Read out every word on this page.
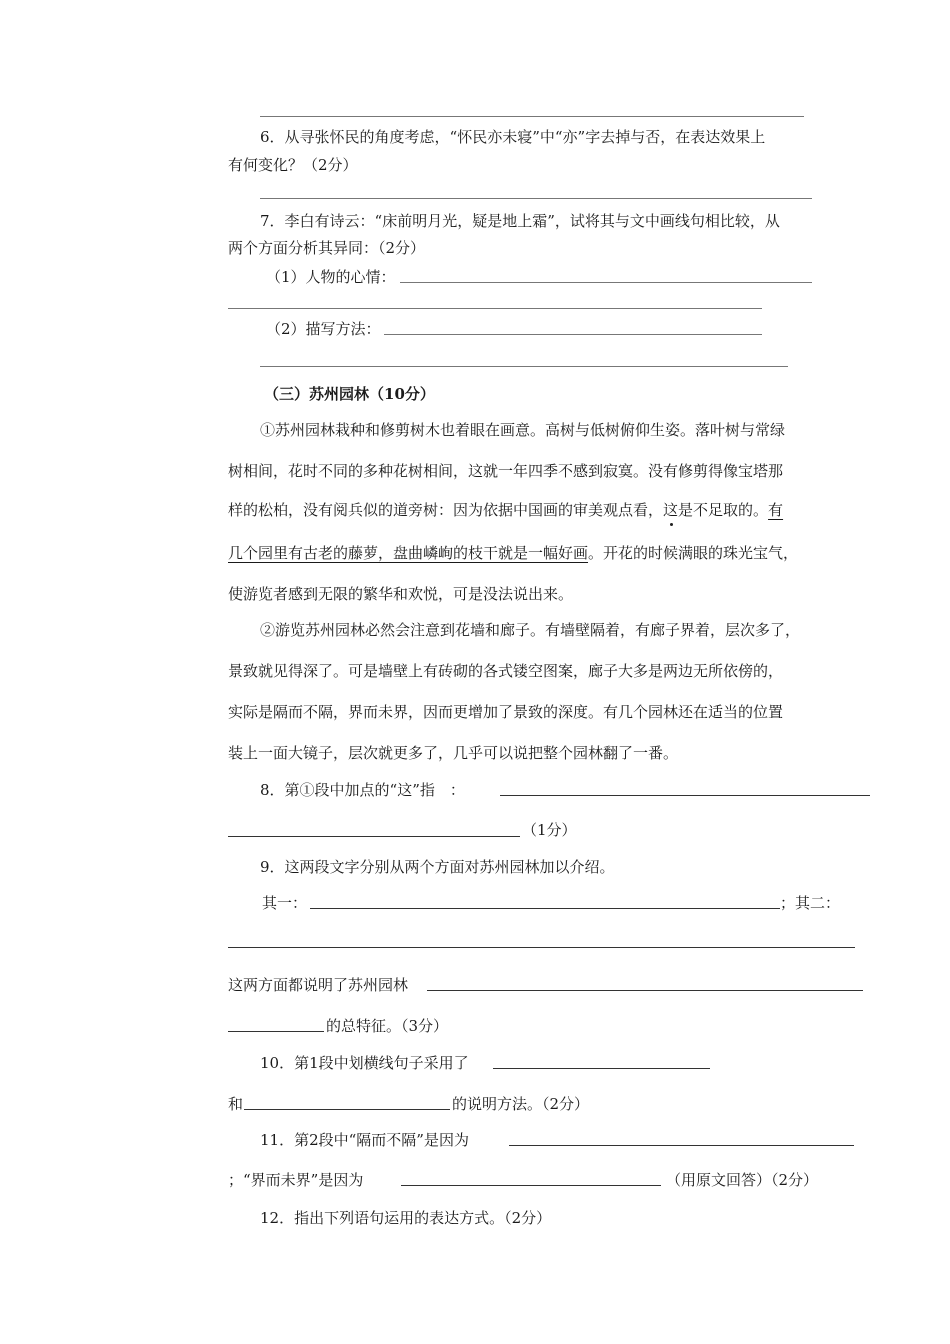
6．从寻张怀民的角度考虑，“怀民亦未寝”中“亦”字去掉与否，在表达效果上
有何变化？（2分）
7．李白有诗云：“床前明月光，疑是地上霜”，试将其与文中画线句相比较，从
两个方面分析其异同：（2分）
（1）人物的心情：
（2）描写方法：
（三）苏州园林（10分）
①苏州园林栽种和修剪树木也着眼在画意。高树与低树俯仰生姿。落叶树与常绿
树相间，花时不同的多种花树相间，这就一年四季不感到寂寞。没有修剪得像宝塔那
样的松柏，没有阅兵似的道旁树：因为依据中国画的审美观点看，这是不足取的。有
几个园里有古老的藤萝，盘曲嶙峋的枝干就是一幅好画。开花的时候满眼的珠光宝气，
使游览者感到无限的繁华和欢悦，可是没法说出来。
②游览苏州园林必然会注意到花墙和廊子。有墙壁隔着，有廊子界着，层次多了，
景致就见得深了。可是墙壁上有砖砌的各式镂空图案，廊子大多是两边无所依傍的，
实际是隔而不隔，界而未界，因而更增加了景致的深度。有几个园林还在适当的位置
装上一面大镜子，层次就更多了，几乎可以说把整个园林翻了一番。
8．第①段中加点的“这”指　：
（1分）
9．这两段文字分别从两个方面对苏州园林加以介绍。
其一：	；其二：
这两方面都说明了苏州园林
的总特征。（3分）
10．第1段中划横线句子采用了
和	的说明方法。（2分）
11．第2段中“隔而不隔”是因为
；“界而未界”是因为	（用原文回答）（2分）
12．指出下列语句运用的表达方式。（2分）
